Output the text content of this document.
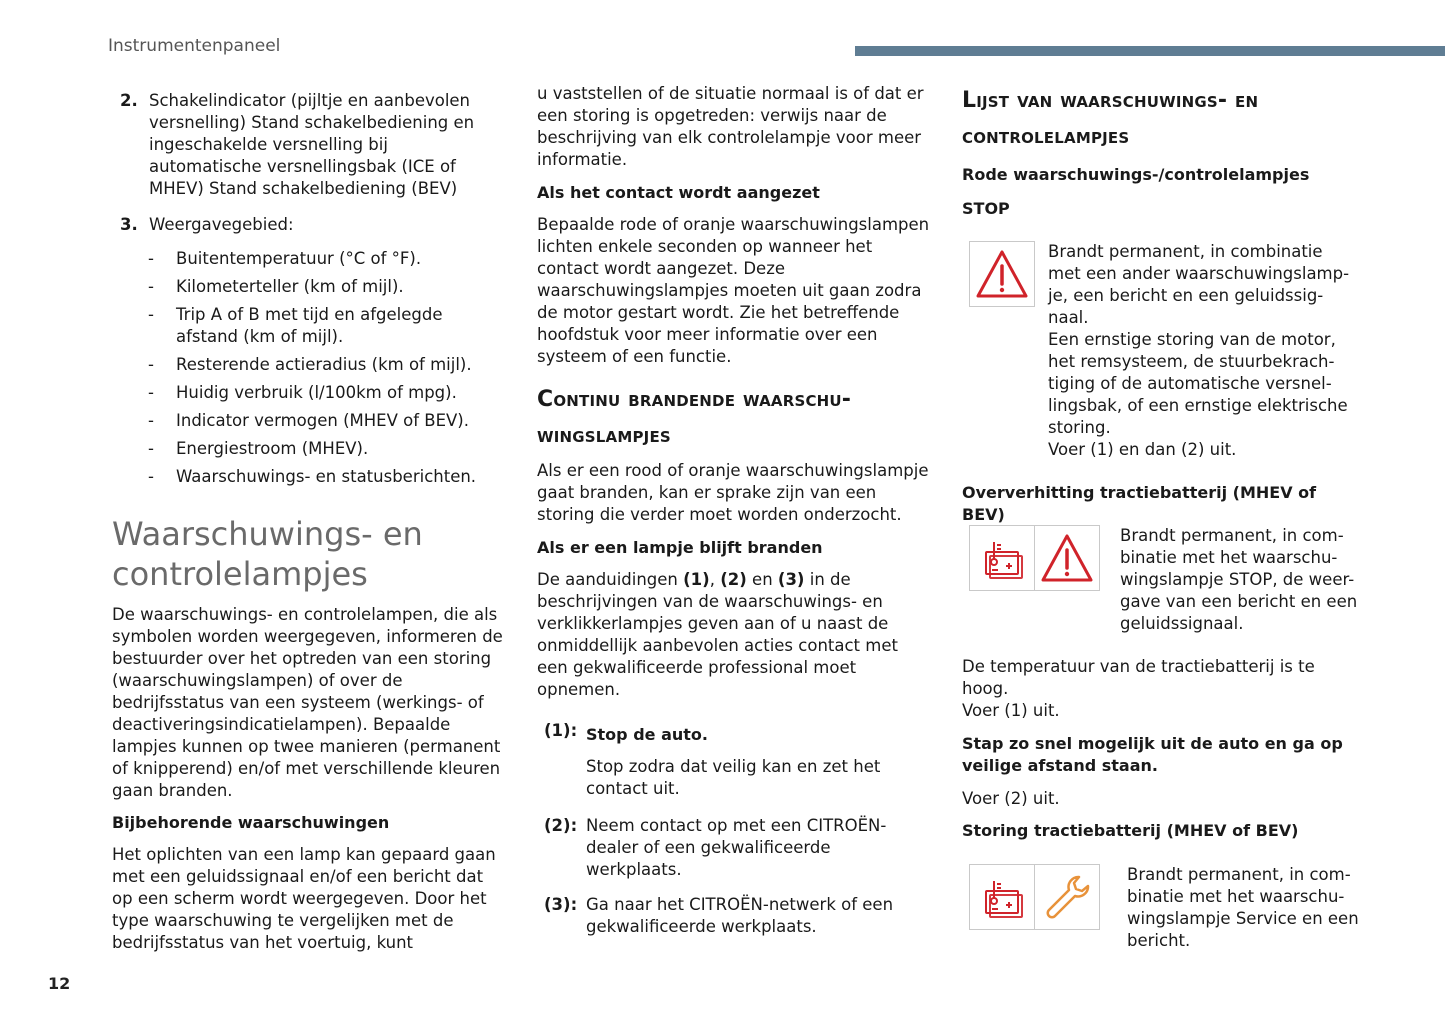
Instrumentenpaneel
12
2. Schakelindicator (pijltje en aanbevolen versnelling) Stand schakelbediening en ingeschakelde versnelling bij automatische versnellingsbak (ICE of MHEV) Stand schakelbediening (BEV)
3. Weergavegebied:
- Buitentemperatuur (°C of °F).
- Kilometerteller (km of mijl).
- Trip A of B met tijd en afgelegde afstand (km of mijl).
- Resterende actieradius (km of mijl).
- Huidig verbruik (l/100km of mpg).
- Indicator vermogen (MHEV of BEV).
- Energiestroom (MHEV).
- Waarschuwings- en statusberichten.
Waarschuwings- en
controlelampjes

De waarschuwings- en controlelampen, die als symbolen worden weergegeven, informeren de bestuurder over het optreden van een storing (waarschuwingslampen) of over de bedrijfsstatus van een systeem (werkings- of deactiveringsindicatielampen). Bepaalde lampjes kunnen op twee manieren (permanent of knipperend) en/of met verschillende kleuren gaan branden.

Bijbehorende waarschuwingen

Het oplichten van een lamp kan gepaard gaan met een geluidssignaal en/of een bericht dat op een scherm wordt weergegeven. Door het type waarschuwing te vergelijken met de bedrijfsstatus van het voertuig, kunt

u vaststellen of de situatie normaal is of dat er een storing is opgetreden: verwijs naar de beschrijving van elk controlelampje voor meer informatie.

Als het contact wordt aangezet

Bepaalde rode of oranje waarschuwingslampen lichten enkele seconden op wanneer het contact wordt aangezet. Deze waarschuwingslampjes moeten uit gaan zodra de motor gestart wordt. Zie het betreffende hoofdstuk voor meer informatie over een systeem of een functie.

Continu brandende waarschu-
wingslampjes

Als er een rood of oranje waarschuwingslampje gaat branden, kan er sprake zijn van een storing die verder moet worden onderzocht.

Als er een lampje blijft branden

De aanduidingen (1), (2) en (3) in de beschrijvingen van de waarschuwings- en verklikkerlampjes geven aan of u naast de onmiddellijk aanbevolen acties contact met een gekwalificeerde professional moet opnemen.

(1): Stop de auto.
Stop zodra dat veilig kan en zet het contact uit.
(2): Neem contact op met een CITROËN-dealer of een gekwalificeerde werkplaats.
(3): Ga naar het CITROËN-netwerk of een gekwalificeerde werkplaats.
Lijst van waarschuwings- en
controlelampjes

Rode waarschuwings-/controlelampjes

STOP

Brandt permanent, in combinatie met een ander waarschuwingslamp- je, een bericht en een geluidssig- naal.

Een ernstige storing van de motor, het remsysteem, de stuurbekrach- tiging of de automatische versnel- lingsbak, of een ernstige elektrische storing.

Voer (1) en dan (2) uit.

Oververhitting tractiebatterij (MHEV of BEV)

Brandt permanent, in com- binatie met het waarschu- wingslampje STOP, de weer- gave van een bericht en een geluidssignaal.

De temperatuur van de tractiebatterij is te hoog.

Voer (1) uit.

Stap zo snel mogelijk uit de auto en ga op veilige afstand staan.

Voer (2) uit.

Storing tractiebatterij (MHEV of BEV)

Brandt permanent, in com- binatie met het waarschu- wingslampje Service en een bericht.
